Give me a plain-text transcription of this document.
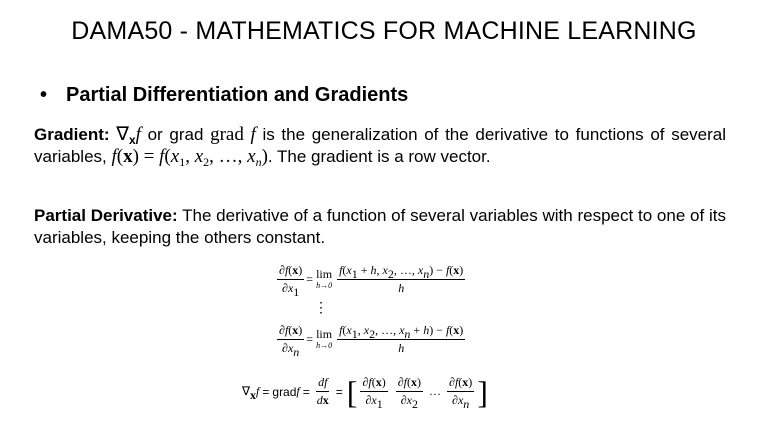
DAMA50 - MATHEMATICS FOR MACHINE LEARNING
• Partial Differentiation and Gradients
Gradient: $\nabla_xf$ or grad grad f is the generalization of the derivative to functions of several variables, $f(x) = f(x_1$, $x_2$, …, $x_n$). The gradient is a row vector.
Partial Derivative: The derivative of a function of several variables with respect to one of its variables, keeping the others constant.
$\frac{\partial f(x)}{\partial x_1} = \lim$
$h\to 0 \frac{f(x_1 + h, x_2, \dots, x_n) - f(x)}{h}$
⋮
$\frac{\partial f(x)}{\partial x_n} = \lim$
$h\to 0 \frac{f(x_1, x_2, \dots, x_n + h) - f(x)}{h}$
$\nabla_xf$ = grad $f = \frac{df}{dx}$ = [ $\frac{\partial f(x)}{\partial x_1} \frac{\partial f(x)}{\partial x_2}$ … $\frac{\partial f(x)}{\partial x_n}$ ]
